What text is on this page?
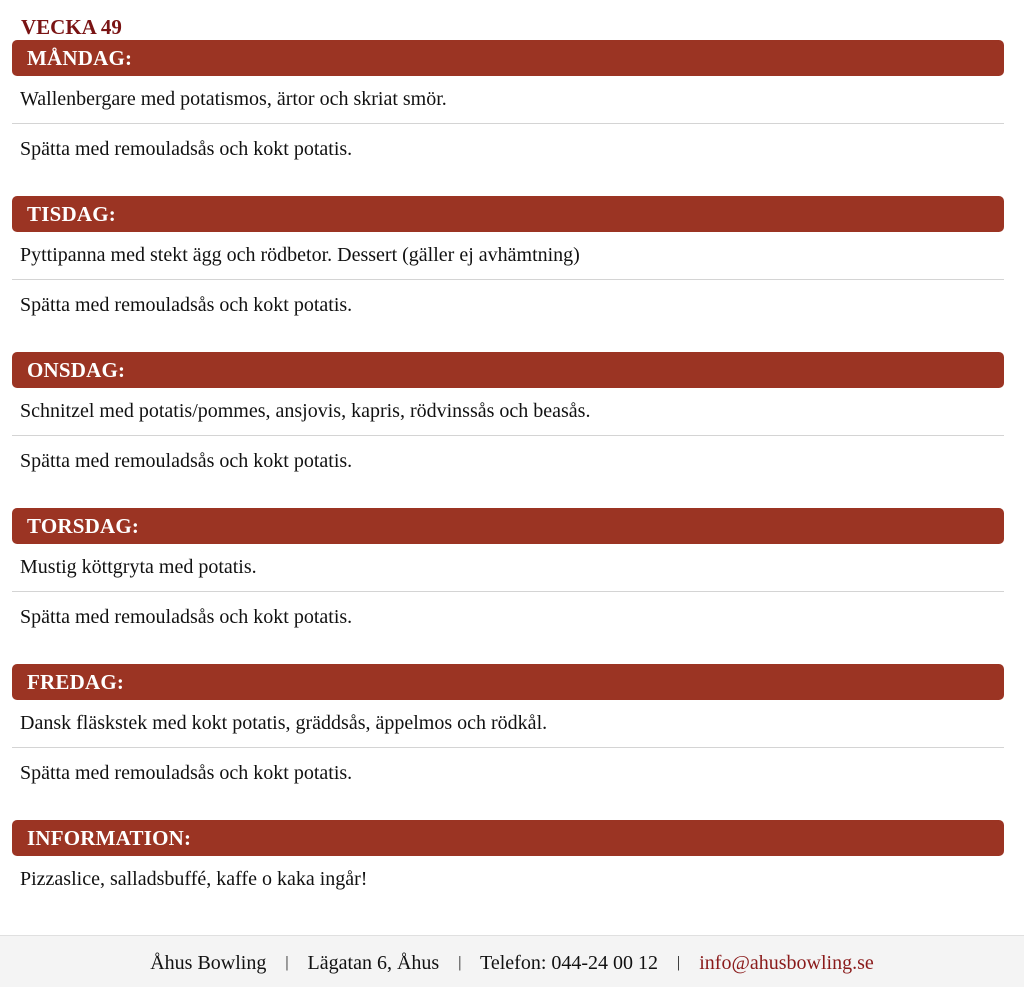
VECKA 49
MÅNDAG:
Wallenbergare med potatismos, ärtor och skriat smör.
Spätta med remouladsås och kokt potatis.
TISDAG:
Pyttipanna med stekt ägg och rödbetor. Dessert (gäller ej avhämtning)
Spätta med remouladsås och kokt potatis.
ONSDAG:
Schnitzel med potatis/pommes, ansjovis, kapris, rödvinssås och beasås.
Spätta med remouladsås och kokt potatis.
TORSDAG:
Mustig köttgryta med potatis.
Spätta med remouladsås och kokt potatis.
FREDAG:
Dansk fläskstek med kokt potatis, gräddsås, äppelmos och rödkål.
Spätta med remouladsås och kokt potatis.
INFORMATION:
Pizzaslice, salladsbuffé, kaffe o kaka ingår!
Åhus Bowling | Lägatan 6, Åhus | Telefon: 044-24 00 12 | info@ahusbowling.se
